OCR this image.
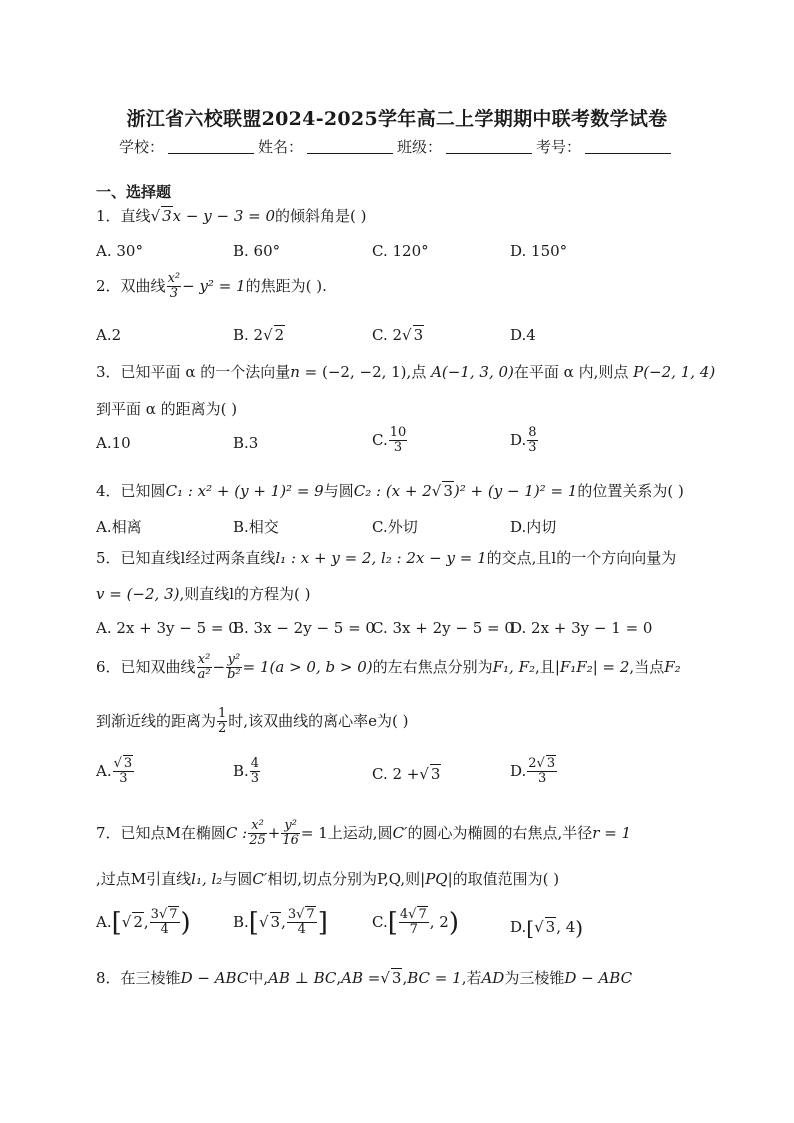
浙江省六校联盟2024-2025学年高二上学期期中联考数学试卷
学校：	姓名：	班级：	考号：
一、选择题
1．直线 √ 3x − y − 3 = 0的倾斜角是( )
A. 30°	B. 60°	C. 120°	D. 150°
2．双曲线 $\frac{\text{x²}}{3} - y^2 = 1$的焦距为( ).
A.2	B. 2 √ 2	C. 2 √ 3	D.4
3．已知平面 α 的一个法向量n = (−2, −2, 1),点 A(−1, 3, 0)在平面 α 内,则点 P(−2, 1, 4)
到平面 α 的距离为( )
A.10	B.3	C. $\frac{10}{3}$	D. $\frac{8}{3}$
4．已知圆C₁ : x² + (y + 1)² = 9与圆C₂ : (x + 2 √ 3)² + (y − 1)² = 1的位置关系为( )
A.相离	B.相交	C.外切	D.内切
5．已知直线l经过两条直线l₁ : x + y = 2, l₂ : 2x − y = 1的交点,且l的一个方向向量为
v = (−2, 3),则直线l的方程为( )
A. 2x + 3y − 5 = 0
B. 3x − 2y − 5 = 0
C. 3x + 2y − 5 = 0
D. 2x + 3y − 1 = 0
6．已知双曲线 $\frac{\text{x²}}{\text{a²}} - \frac{\text{y²}}{\text{b²}} = 1(a > 0$, b > 0)的左右焦点分别为F₁, F₂,且|F₁F₂| = 2,当点F₂
到渐近线的距离为 $\frac{1}{2}$ 时,该双曲线的离心率e为( )
A. √ $\frac{3}{3}$	B. $\frac{4}{3}$	C. 2 + √ 3	D. $\frac{2 √ 3}{3}$
7．已知点M在椭圆C : $\frac{\text{x²}}{25} + \frac{\text{y²}}{16} = 1$上运动,圆C′的圆心为椭圆的右焦点,半径r = 1
,过点M引直线l₁, l₂与圆C′相切,切点分别为P,Q,则|PQ|的取值范围为( )
A.[ √ 2, $\frac{3 √ 7}{4}$ )	B.[ √ 3, $\frac{3 √ 7}{4}$ ]	$C.[ \frac{4 √ 7}{7}$ , 2)	D.[ √ 3, 4)
8．在三棱锥D − ABC中,AB ⊥ BC,AB = √ 3,BC = 1,若AD为三棱锥D − ABC
